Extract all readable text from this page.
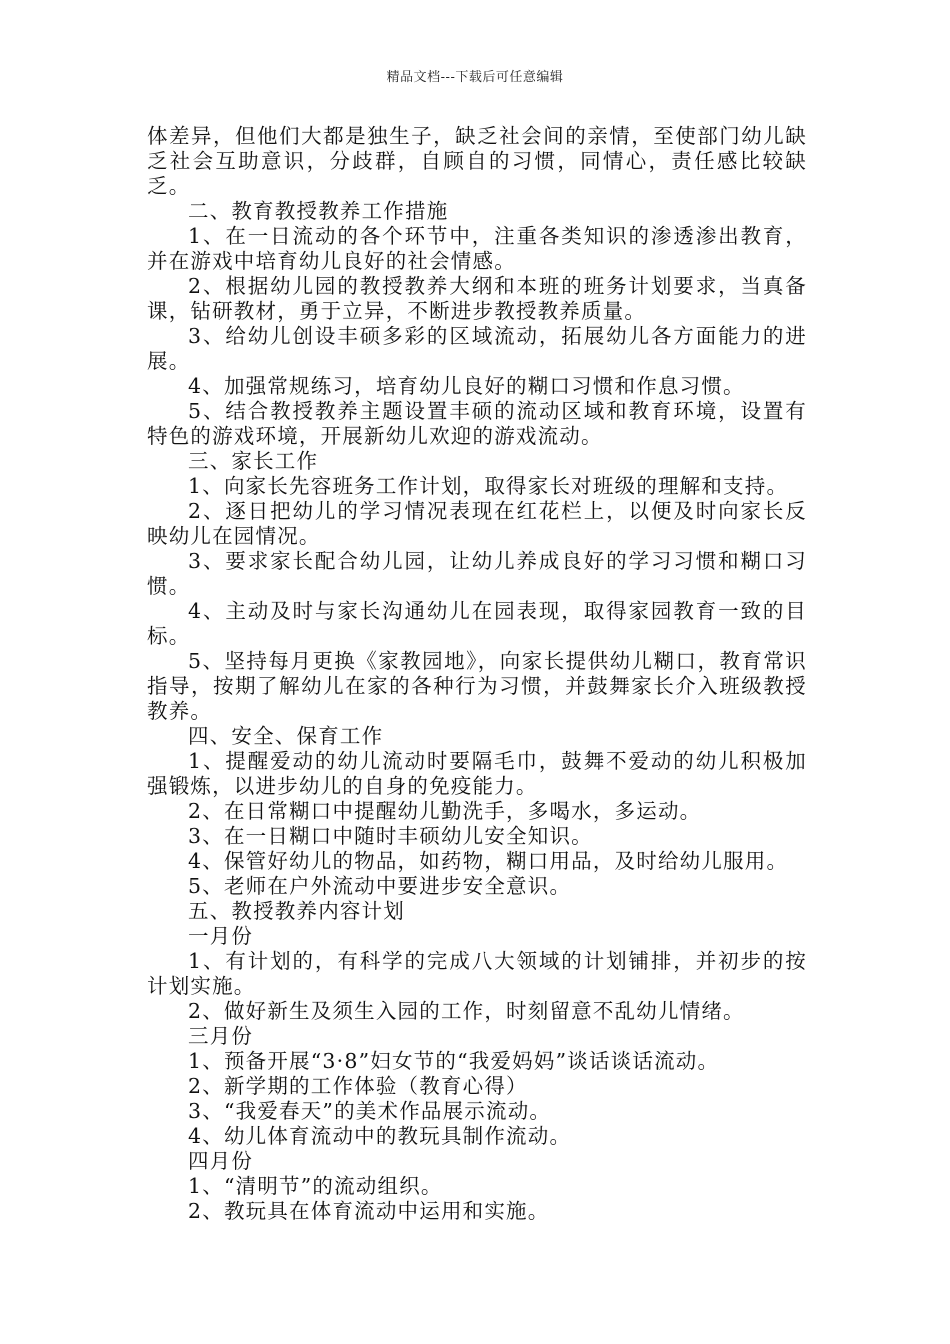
精品文档---下载后可任意编辑

体差异，但他们大都是独生子，缺乏社会间的亲情，至使部门幼儿缺乏社会互助意识，分歧群，自顾自的习惯，同情心，责任感比较缺乏。

二、教育教授教养工作措施

1、在一日流动的各个环节中，注重各类知识的渗透渗出教育，并在游戏中培育幼儿良好的社会情感。

2、根据幼儿园的教授教养大纲和本班的班务计划要求，当真备课，钻研教材，勇于立异，不断进步教授教养质量。

3、给幼儿创设丰硕多彩的区域流动，拓展幼儿各方面能力的进展。

4、加强常规练习，培育幼儿良好的糊口习惯和作息习惯。

5、结合教授教养主题设置丰硕的流动区域和教育环境，设置有特色的游戏环境，开展新幼儿欢迎的游戏流动。

三、家长工作

1、向家长先容班务工作计划，取得家长对班级的理解和支持。

2、逐日把幼儿的学习情况表现在红花栏上，以便及时向家长反映幼儿在园情况。

3、要求家长配合幼儿园，让幼儿养成良好的学习习惯和糊口习惯。

4、主动及时与家长沟通幼儿在园表现，取得家园教育一致的目标。

5、坚持每月更换《家教园地》，向家长提供幼儿糊口，教育常识指导，按期了解幼儿在家的各种行为习惯，并鼓舞家长介入班级教授教养。

四、安全、保育工作

1、提醒爱动的幼儿流动时要隔毛巾，鼓舞不爱动的幼儿积极加强锻炼，以进步幼儿的自身的免疫能力。

2、在日常糊口中提醒幼儿勤洗手，多喝水，多运动。

3、在一日糊口中随时丰硕幼儿安全知识。

4、保管好幼儿的物品，如药物，糊口用品，及时给幼儿服用。

5、老师在户外流动中要进步安全意识。

五、教授教养内容计划

一月份

1、有计划的，有科学的完成八大领域的计划铺排，并初步的按计划实施。

2、做好新生及须生入园的工作，时刻留意不乱幼儿情绪。

三月份

1、预备开展“3·8”妇女节的“我爱妈妈”谈话谈话流动。

2、新学期的工作体验（教育心得）

3、“我爱春天”的美术作品展示流动。

4、幼儿体育流动中的教玩具制作流动。

四月份

1、“清明节”的流动组织。

2、教玩具在体育流动中运用和实施。
